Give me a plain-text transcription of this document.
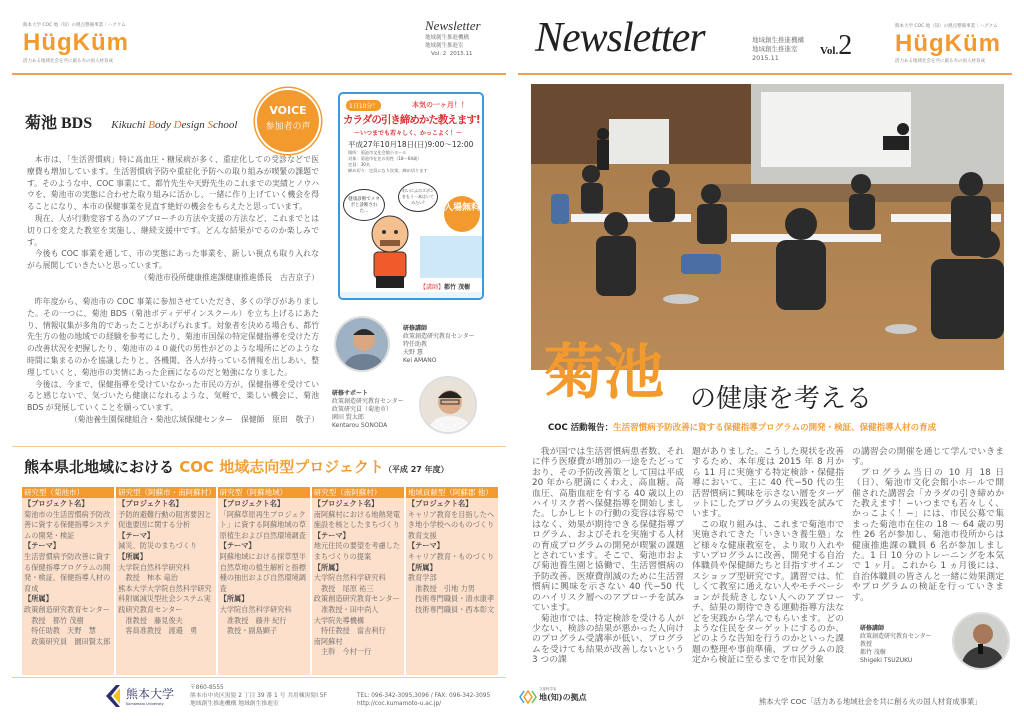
熊本大学 COC 地（知）の拠点整備事業｜ハグクム
HügKüm
活力ある地域社会を共に創る火の国人材育成
Newsletter
地域創生推進機構
地域創生推進室
Vol. 2 2015.11
菊池 BDS Kikuchi Body Design School
VOICE
参加者の声

本市は、「生活習慣病」特に高血圧・糖尿病が多く、重症化しての受診などで医療費も増加しています。生活習慣病予防や重症化予防への取り組みが喫緊の課題です。そのような中、COC 事業にて、都竹先生や天野先生のこれまでの実績とノウハウを、菊池市の実態に合わせた取り組みに活かし、一緒に作り上げていく機会を得ることになり、本市の保健事業を見直す絶好の機会をもらえたと思っています。

現在、人が行動変容する為のアプローチの方法や支援の方法など、これまでとは切り口を変えた教室を実施し、継続支援中です。どんな結果がでるのか楽しみです。

今後も COC 事業を通して、市の実態にあった事業を、新しい視点も取り入れながら展開していきたいと思っています。

（菊池市役所健康推進課健康推進係長　古吉京子）

昨年度から、菊池市の COC 事業に参加させていただき、多くの学びがありました。その一つに、菊池 BDS（菊池ボディデザインスクール）を立ち上げるにあたり、情報収集が多角的であったことがあげられます。対象者を決める場合も、都竹先生方の他の地域での経験を参考にしたり、菊池市国保の特定保健指導を受けた方の改善状況を把握したり、菊池市の４０歳代の男性がどのような場所にどのような時間に集まるのかを協議したりと、各機関、各人が持っている情報を出しあい、整理していくと、菊池市の実情にあった企画になるのだと勉強になりました。

今後は、今まで、保健指導を受けていなかった市民の方が、保健指導を受けていると感じないで、気づいたら健康になれるような、気軽で、楽しい機会に、菊池 BDS が発展していくことを願っています。

（菊池養生園保健組合・菊池広域保健センター　保健師　原田　敬子）
1日10分！	本気の一ヶ月！！
カラダの引き締めかた教えます!
－いつまでも若々しく、かっこよく！－
平成27年10月18日(日)9:00〜12:00
場所：菊池市文化会館小ホール
対象：菊池市在住の男性（18〜64歳）
定員：30名
締め切り：定員になり次第、締め切ります
健康診断でメタボと診断された…
おいにふのズボンをもう一本はいてみたい!
入場無料
【講師】都竹 茂樹
研修講師
政策創造研究教育センター
特任助教
天野 慧
Kei AMANO
研修サポート
政策創造研究教育センター
政策研究員（菊池市）
園田 賢太郎
Kentarou SONODA
熊本県北地域における COC 地域志向型プロジェクト（平成 27 年度）
研究型（菊池市）
【プロジェクト名】
菊池市の生活習慣病予防改善に資する保健指導システムの開発・検証
【テーマ】
生活習慣病予防改善に資する保健指導プログラムの開発・検証、保健指導人材の育成
【所属】
政策創造研究教育センター
教授　都竹 茂樹
特任助教　天野　慧
政策研究員　園田賢太郎
研究型（阿蘇市・南阿蘇村）
【プロジェクト名】
予防的避難行動の阻害要因と促進要因に関する分析
【テーマ】
減災、防災のまちづくり
【所属】
大学院自然科学研究科
教授　柿本 竜治
熊本大学大学院自然科学研究科附属減災型社会システム実践研究教育センター
准教授　藤見俊夫
客員准教授　渡邉　勇
研究型（阿蘇地域）
【プロジェクト名】
「阿蘇草原再生プロジェクト」に資する阿蘇地域の草原植生および自然環境調査
【テーマ】
阿蘇地域における採草型半自然草地の植生解析と指標種の抽出および自然環境調査
【所属】
大学院自然科学研究科
准教授　藤井 紀行
教授・副島顕子
研究型（南阿蘇村）
【プロジェクト名】
南阿蘇村における地熱発電施設を核としたまちづくり
【テーマ】
地元住民の要望を考慮したまちづくりの提案
【所属】
大学院自然科学研究科
教授　尾原 祐三
政策創造研究教育センター
准教授・田中尚人
大学院先導機構
特任教授　當舎利行
南阿蘇村
主幹　今村一行
地域貢献型（阿蘇郡 他）
【プロジェクト名】
キャリア教育を目指したへき地小学校へのものづくり教育支援
【テーマ】
キャリア教育・ものづくり
【所属】
教育学部
准教授　引地 力男
技術専門職員・清水康孝
技術専門職員・西本彰文
熊本大学
Kumamoto University
〒860-8555
熊本市中央区黒髪 2 丁目 39 番 1 号 共用棟黒髪Ⅰ 5F
地域創生推進機構 地域創生推進室
TEL: 096-342-3095,3096 / FAX: 096-342-3095
http://coc.kumamoto-u.ac.jp/
Newsletter	地域創生推進機構
地域創生推進室
2015.11
Vol.2
熊本大学 COC 地（知）の拠点整備事業｜ハグクム
HügKüm
活力ある地域社会を共に創る火の国人材育成
菊池 の健康を考える
COC 活動報告：生活習慣病予防改善に資する保健指導プログラムの開発・検証、保健指導人材の育成

我が国では生活習慣病患者数、それに伴う医療費が増加の一途をたどっており、その予防改善策として国は平成 20 年から肥満にくわえ、高血糖、高血圧、高脂血症を有する 40 歳以上のハイリスク者へ保健指導を開始しました。しかしヒトの行動の変容は容易ではなく、効果が期待できる保健指導プログラム、およびそれを実施する人材の育成プログラムの開発が喫緊の課題とされています。そこで、菊池市および菊池養生園と協働で、生活習慣病の予防改善、医療費削減のために生活習慣病に興味を示さない 40 代−50 代のハイリスク層へのアプローチを試みています。

菊池市では、特定検診を受ける人が少ない、検診の結果が悪かった人向けのプログラム受講率が低い、プログラムを受けても結果が改善しないという 3 つの課

題がありました。こうした現状を改善するため、本年度は 2015 年 8 月から 11 月に実施する特定検診・保健指導において、主に 40 代−50 代の生活習慣病に興味を示さない層をターゲットにしたプログラムの実践を試みています。

この取り組みは、これまで菊池市で実施されてきた「いきいき養生塾」など様々な健康教室を、より取り入れやすいプログラムに改善、開発する自治体職員や保健師たちと目指すサイエンスショップ型研究です。講習では、忙しくて教室に通えない人やモチベーションが長続きしない人へのアプローチ、結果の期待できる運動指導方法などを実践から学んでもらいます。どのような住民をターゲットにするのか、どのような告知を行うのかといった課題の整理や事前準備、プログラムの設定から検証に至るまでを市民対象

の講習会の開催を通じて学んでいきます。

プログラム当日の 10 月 18 日（日）、菊池市文化会館小ホールで開催された講習会「カラダの引き締めかた教えます！−いつまでも若々しく、かっこよく！−」には、市民公募で集まった菊池市在住の 18 〜 64 歳の男性 26 名が参加し、菊池市役所からは健康推進課の職員 6 名が参加しました。1 日 10 分のトレーニングを本気で 1 ヶ月。これから 1 ヵ月後には、自治体職員の皆さんと一緒に効果測定やプログラムの検証を行っていきます。

研修講師
政策創造研究教育センター
教授
都竹 茂樹
Shigeki TSUZUKU
文部科学省
地(知)の拠点	熊本大学 COC「活力ある地域社会を共に創る火の国人材育成事業」
